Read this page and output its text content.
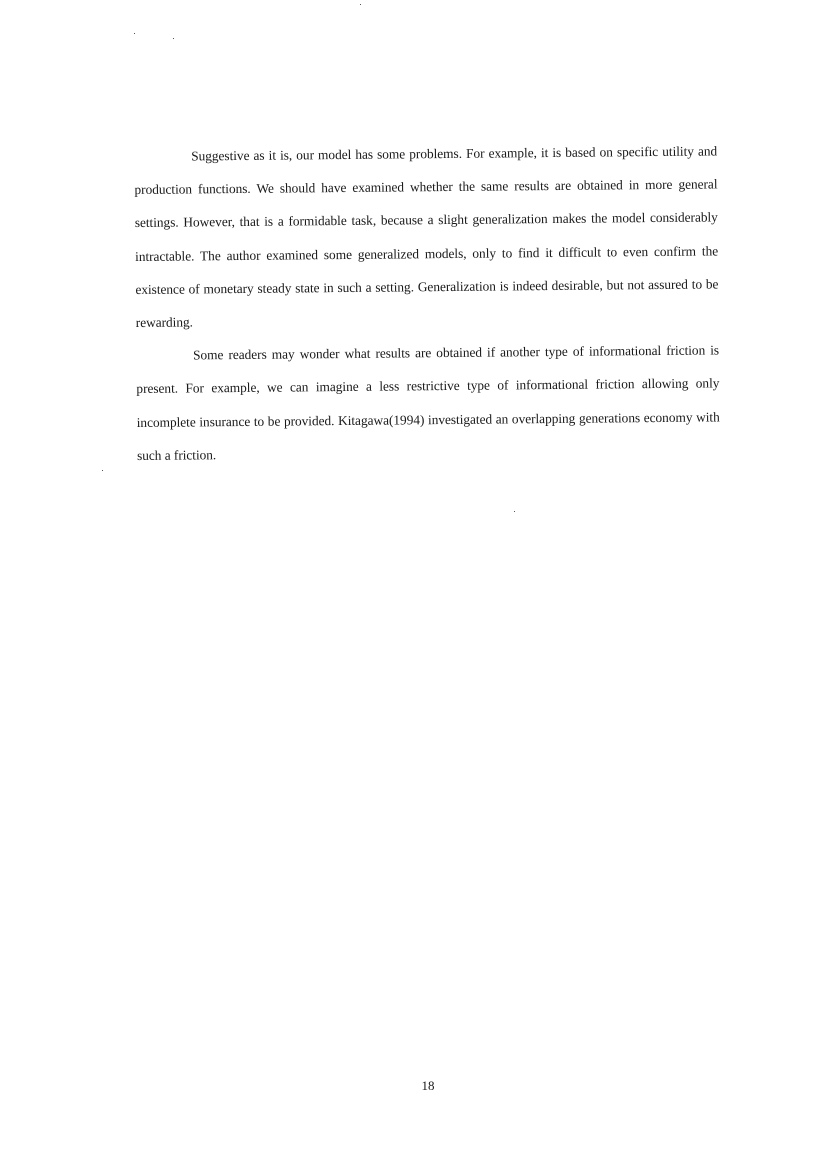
Suggestive as it is, our model has some problems. For example, it is based on specific utility and production functions. We should have examined whether the same results are obtained in more general settings. However, that is a formidable task, because a slight generalization makes the model considerably intractable. The author examined some generalized models, only to find it difficult to even confirm the existence of monetary steady state in such a setting. Generalization is indeed desirable, but not assured to be rewarding.

Some readers may wonder what results are obtained if another type of informational friction is present. For example, we can imagine a less restrictive type of informational friction allowing only incomplete insurance to be provided. Kitagawa(1994) investigated an overlapping generations economy with such a friction.

18
